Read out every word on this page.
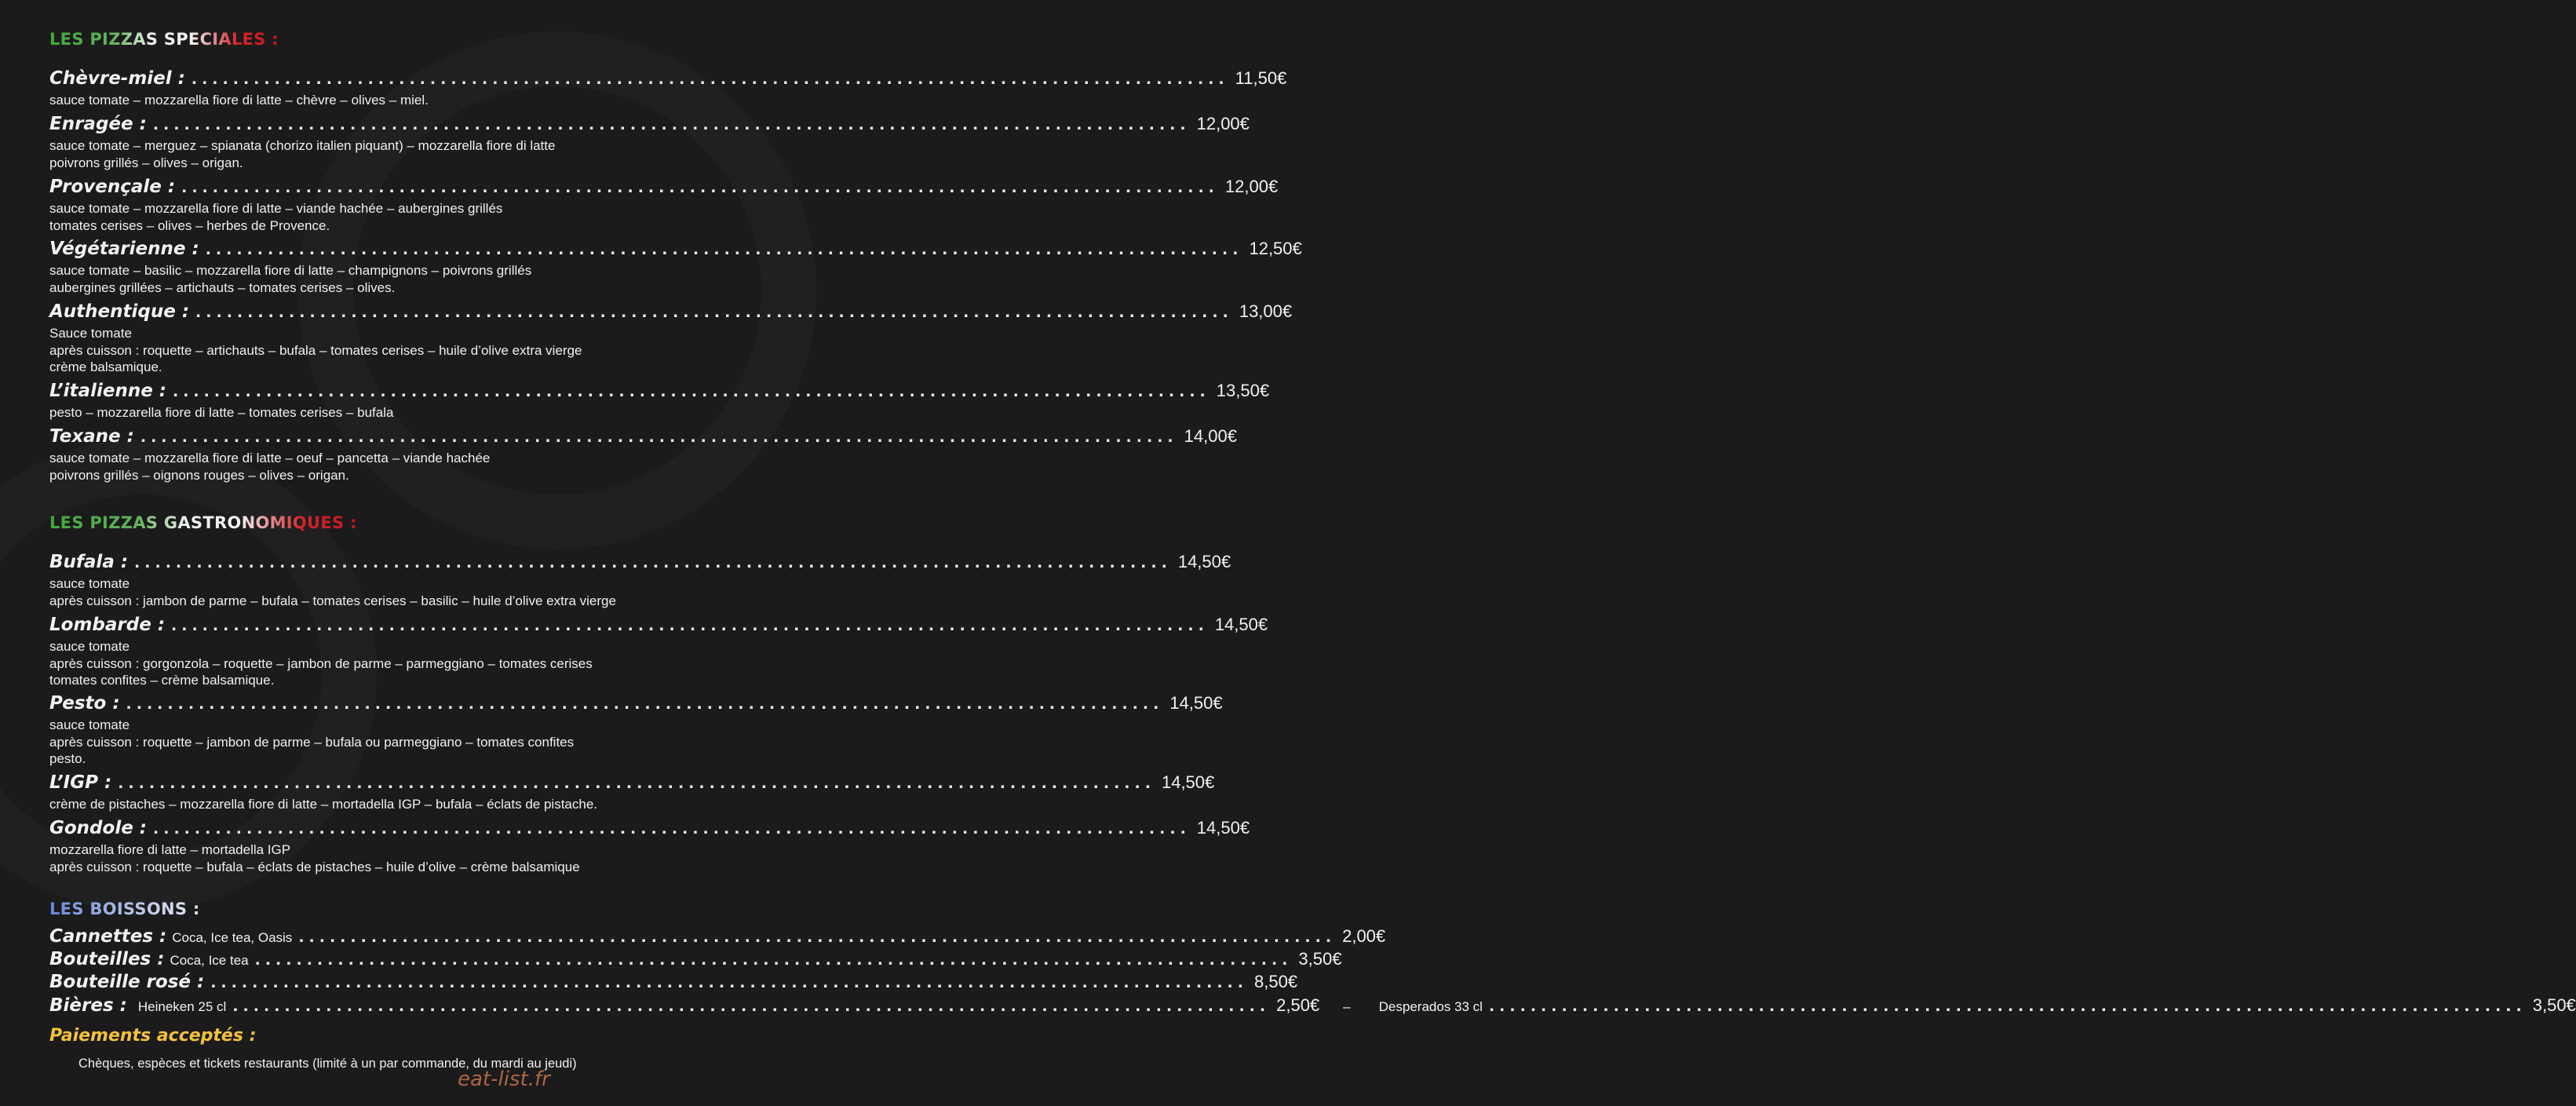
LES PIZZAS SPECIALES :
Chèvre-miel : .................................................................................................... 11,50€
sauce tomate – mozzarella fiore di latte – chèvre – olives – miel.
Enragée : .................................................................................................... 12,00€
sauce tomate – merguez – spianata (chorizo italien piquant) – mozzarella fiore di latte
poivrons grillés – olives – origan.
Provençale : .................................................................................................... 12,00€
sauce tomate – mozzarella fiore di latte – viande hachée – aubergines grillés
tomates cerises – olives – herbes de Provence.
Végétarienne : .................................................................................................... 12,50€
sauce tomate – basilic – mozzarella fiore di latte – champignons – poivrons grillés
aubergines grillées – artichauts – tomates cerises – olives.
Authentique : .................................................................................................... 13,00€
Sauce tomate
après cuisson : roquette – artichauts – bufala – tomates cerises – huile d’olive extra vierge
crème balsamique.
L’italienne : .................................................................................................... 13,50€
pesto – mozzarella fiore di latte – tomates cerises – bufala
Texane : .................................................................................................... 14,00€
sauce tomate – mozzarella fiore di latte – oeuf – pancetta – viande hachée
poivrons grillés – oignons rouges – olives – origan.
LES PIZZAS GASTRONOMIQUES :
Bufala : .................................................................................................... 14,50€
sauce tomate
après cuisson : jambon de parme – bufala – tomates cerises – basilic – huile d’olive extra vierge
Lombarde : .................................................................................................... 14,50€
sauce tomate
après cuisson : gorgonzola – roquette – jambon de parme – parmeggiano – tomates cerises
tomates confites – crème balsamique.
Pesto : .................................................................................................... 14,50€
sauce tomate
après cuisson : roquette – jambon de parme – bufala ou parmeggiano – tomates confites
pesto.
L’IGP : .................................................................................................... 14,50€
crème de pistaches – mozzarella fiore di latte – mortadella IGP – bufala – éclats de pistache.
Gondole : .................................................................................................... 14,50€
mozzarella fiore di latte – mortadella IGP
après cuisson : roquette – bufala – éclats de pistaches – huile d’olive – crème balsamique
LES BOISSONS :
Cannettes : Coca, Ice tea, Oasis .................................................................................................... 2,00€
Bouteilles : Coca, Ice tea .................................................................................................... 3,50€
Bouteille rosé : .................................................................................................... 8,50€
Bières : Heineken 25 cl .................................................................................................... 2,50€ – Desperados 33 cl .................................................................................................... 3,50€
Paiements acceptés :
Chèques, espèces et tickets restaurants (limité à un par commande, du mardi au jeudi)
eat-list.fr
